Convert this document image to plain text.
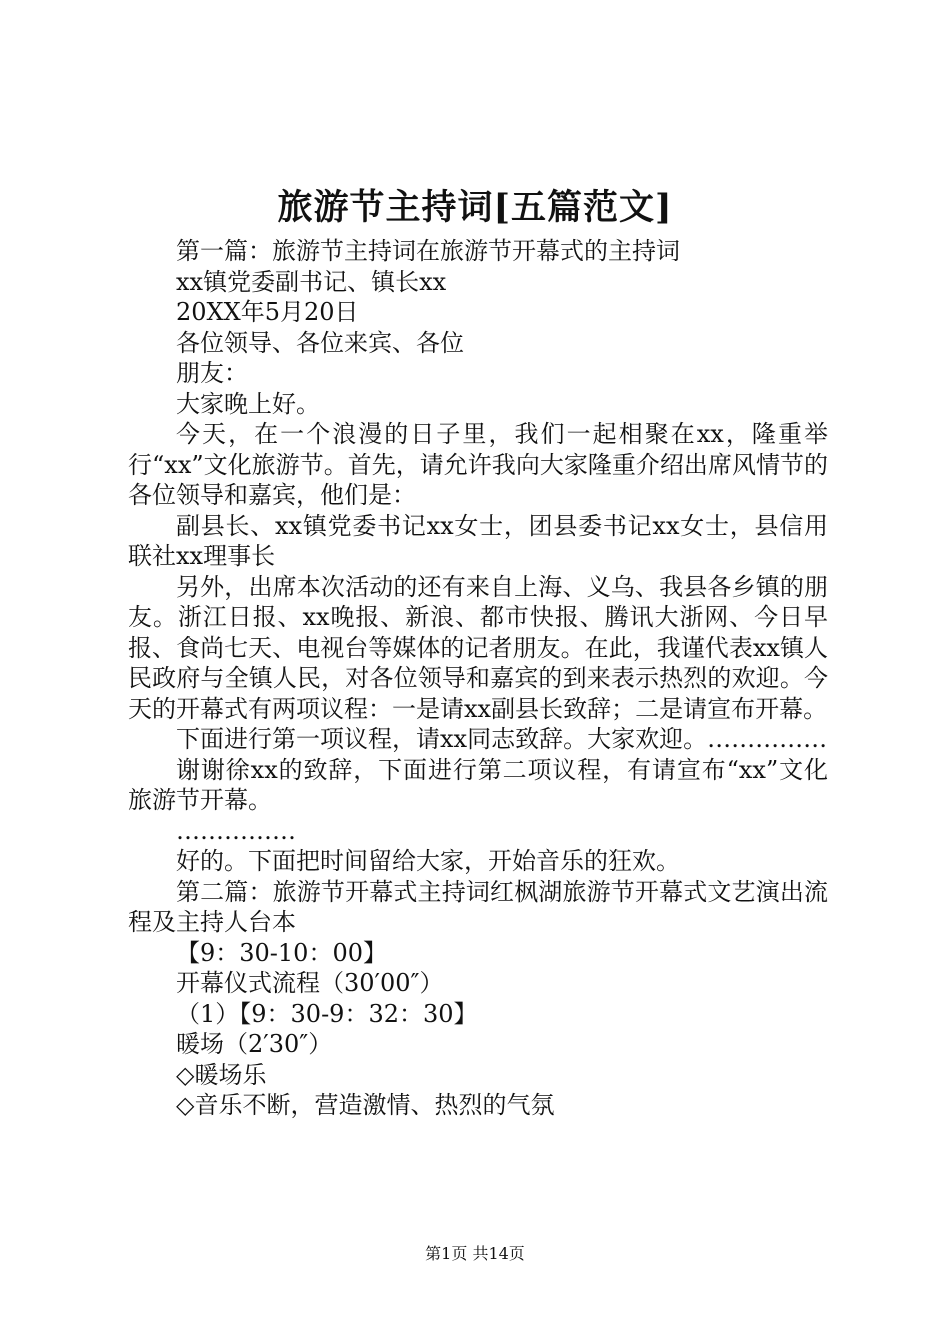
旅游节主持词[五篇范文]

第一篇：旅游节主持词在旅游节开幕式的主持词

xx镇党委副书记、镇长xx

20XX年5月20日

各位领导、各位来宾、各位

朋友：

大家晚上好。

今天，在一个浪漫的日子里，我们一起相聚在xx，隆重举行“xx”文化旅游节。首先，请允许我向大家隆重介绍出席风情节的各位领导和嘉宾，他们是：

副县长、xx镇党委书记xx女士，团县委书记xx女士，县信用联社xx理事长

另外，出席本次活动的还有来自上海、义乌、我县各乡镇的朋友。浙江日报、xx晚报、新浪、都市快报、腾讯大浙网、今日早报、食尚七天、电视台等媒体的记者朋友。在此，我谨代表xx镇人民政府与全镇人民，对各位领导和嘉宾的到来表示热烈的欢迎。今天的开幕式有两项议程：一是请xx副县长致辞；二是请宣布开幕。

下面进行第一项议程，请xx同志致辞。大家欢迎。……………

谢谢徐xx的致辞，下面进行第二项议程，有请宣布“xx”文化旅游节开幕。

……………

好的。下面把时间留给大家，开始音乐的狂欢。

第二篇：旅游节开幕式主持词红枫湖旅游节开幕式文艺演出流程及主持人台本

【9：30-10：00】

开幕仪式流程（30′00″）

（1）【9：30-9：32：30】

暖场（2′30″）

◇暖场乐

◇音乐不断，营造激情、热烈的气氛

第1页 共14页
